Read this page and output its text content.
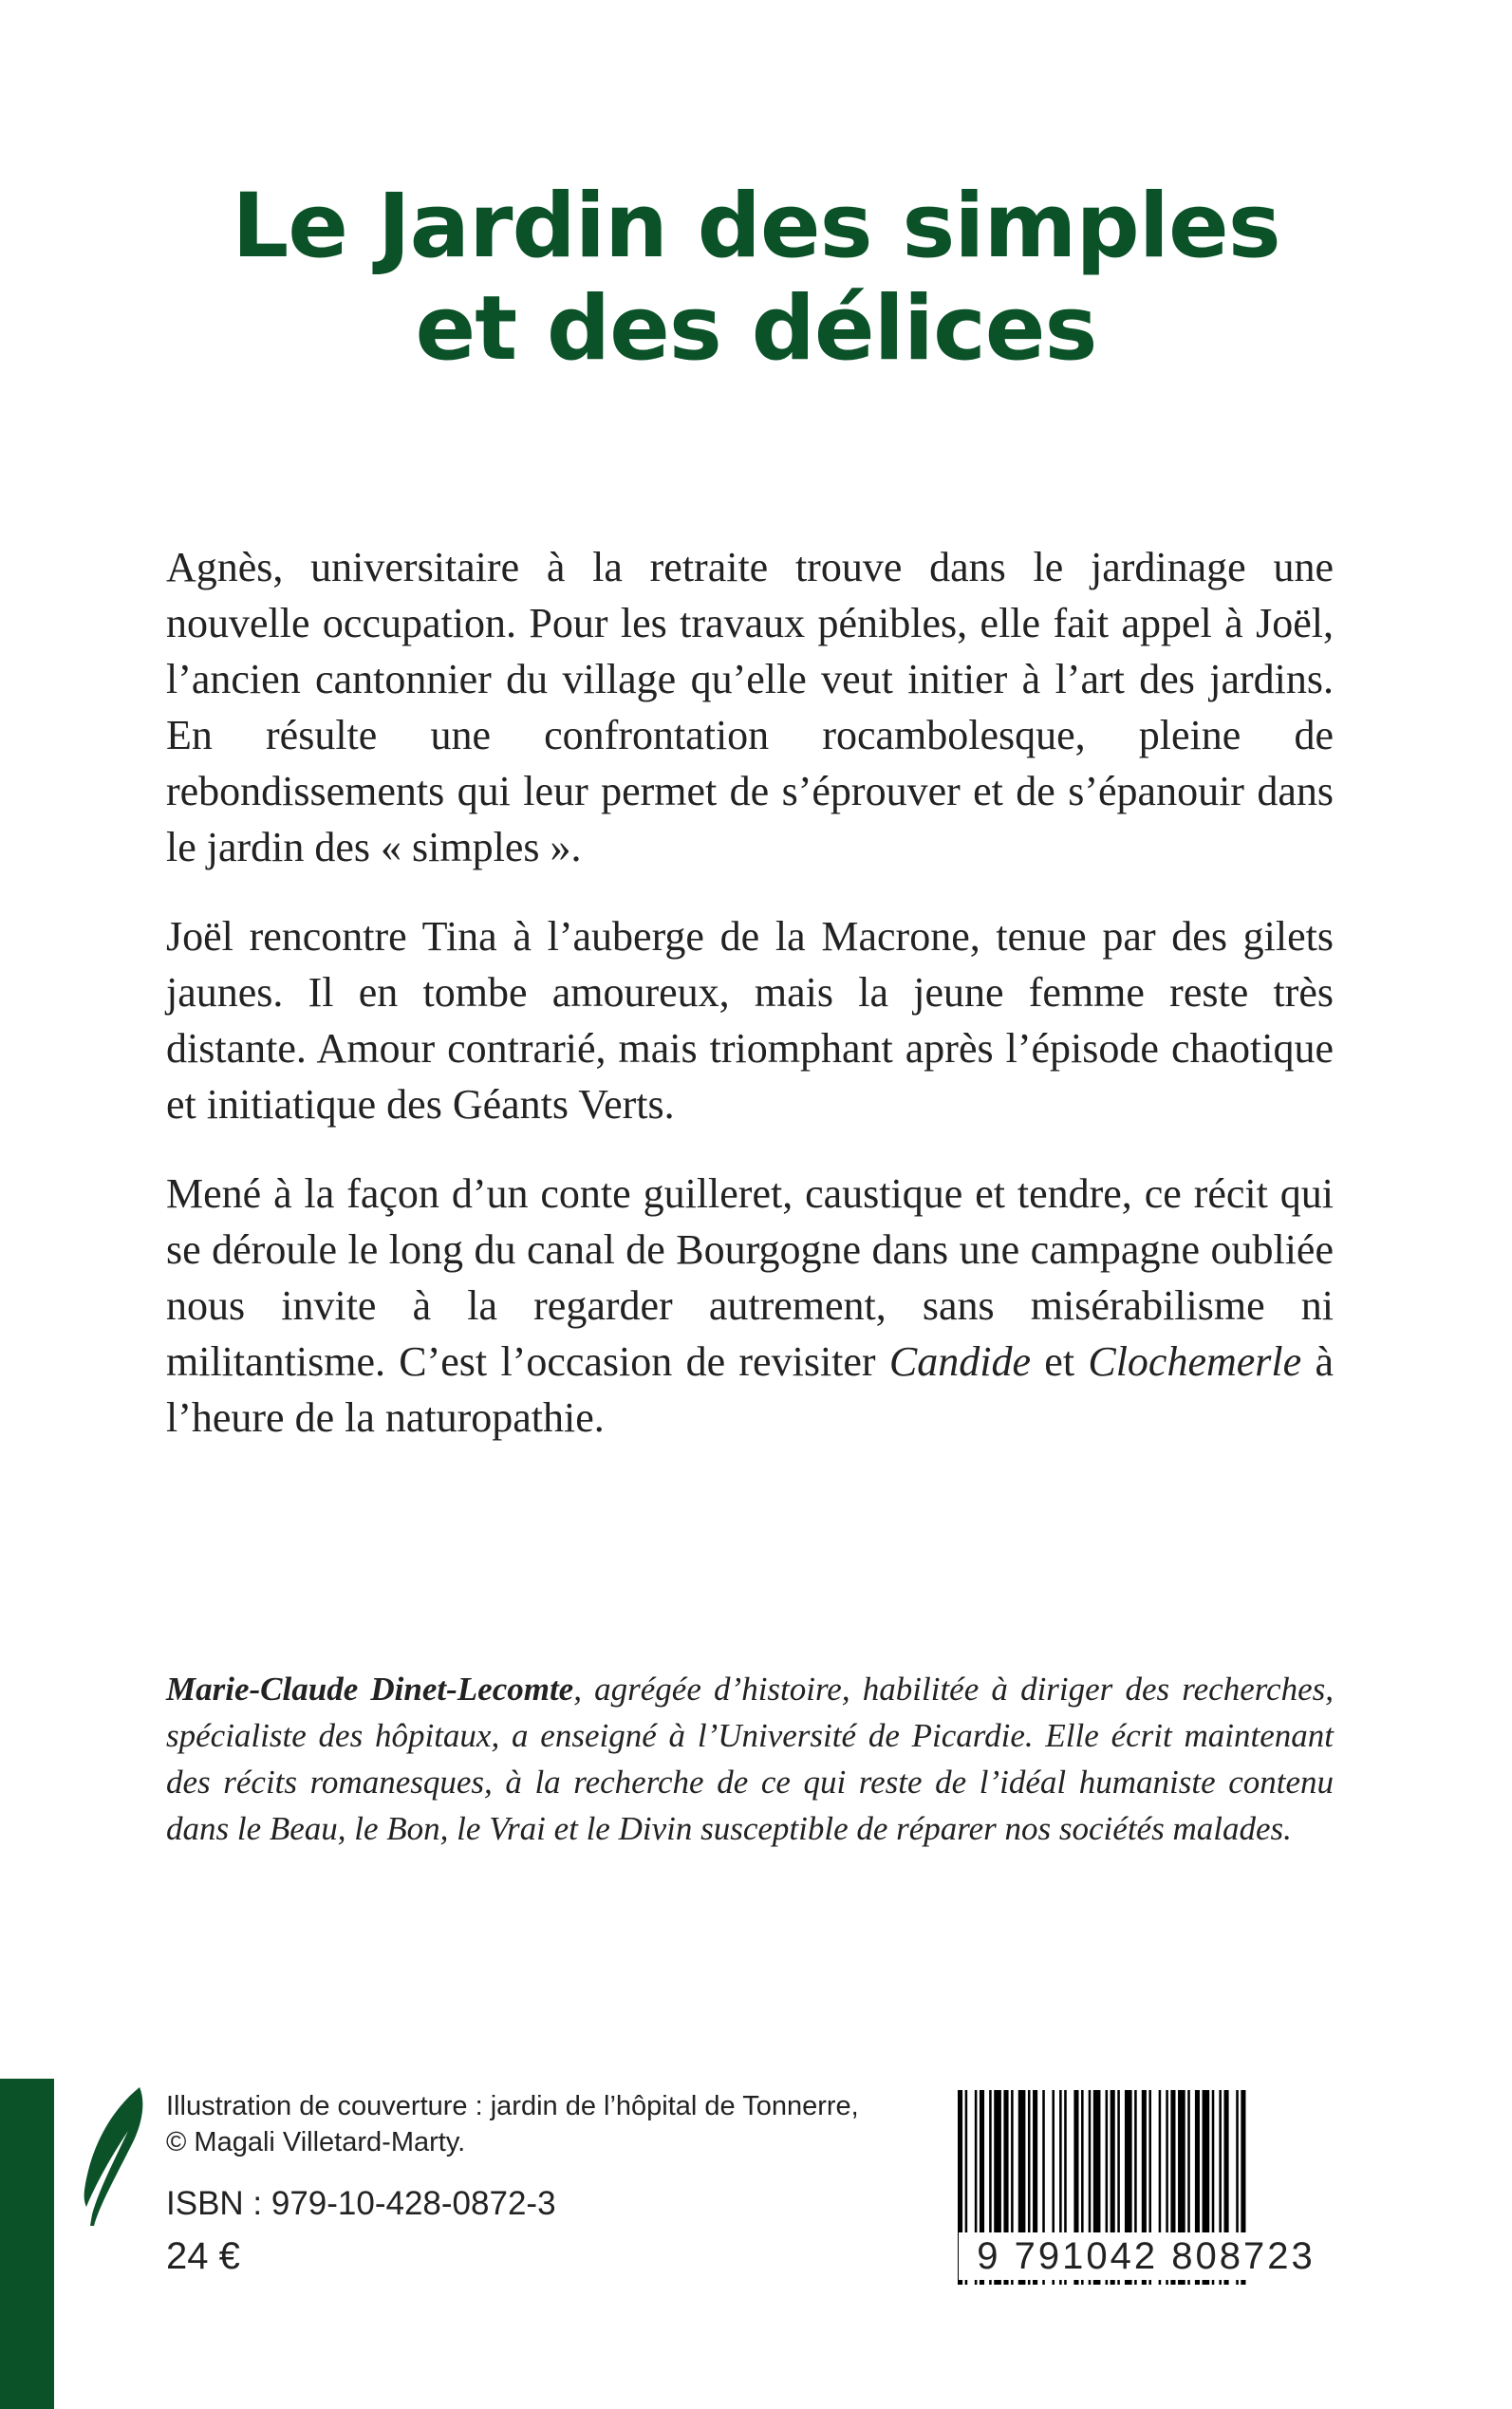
Le Jardin des simples
et des délices

Agnès, universitaire à la retraite trouve dans le jardinage une nouvelle occupation. Pour les travaux pénibles, elle fait appel à Joël, l’ancien cantonnier du village qu’elle veut initier à l’art des jardins. En résulte une confrontation rocambolesque, pleine de rebondissements qui leur permet de s’éprouver et de s’épanouir dans le jardin des « simples ».

Joël rencontre Tina à l’auberge de la Macrone, tenue par des gilets jaunes. Il en tombe amoureux, mais la jeune femme reste très distante. Amour contrarié, mais triomphant après l’épisode chaotique et initiatique des Géants Verts.

Mené à la façon d’un conte guilleret, caustique et tendre, ce récit qui se déroule le long du canal de Bourgogne dans une campagne oubliée nous invite à la regarder autrement, sans misérabilisme ni militantisme. C’est l’occasion de revisiter Candide et Clochemerle à l’heure de la naturopathie.

Marie-Claude Dinet-Lecomte, agrégée d’histoire, habilitée à diriger des recherches, spécialiste des hôpitaux, a enseigné à l’Université de Picardie. Elle écrit maintenant des récits romanesques, à la recherche de ce qui reste de l’idéal humaniste contenu dans le Beau, le Bon, le Vrai et le Divin susceptible de réparer nos sociétés malades.

Illustration de couverture : jardin de l’hôpital de Tonnerre,
© Magali Villetard-Marty.
ISBN : 979-10-428-0872-3
24 €	9 791042 808723
